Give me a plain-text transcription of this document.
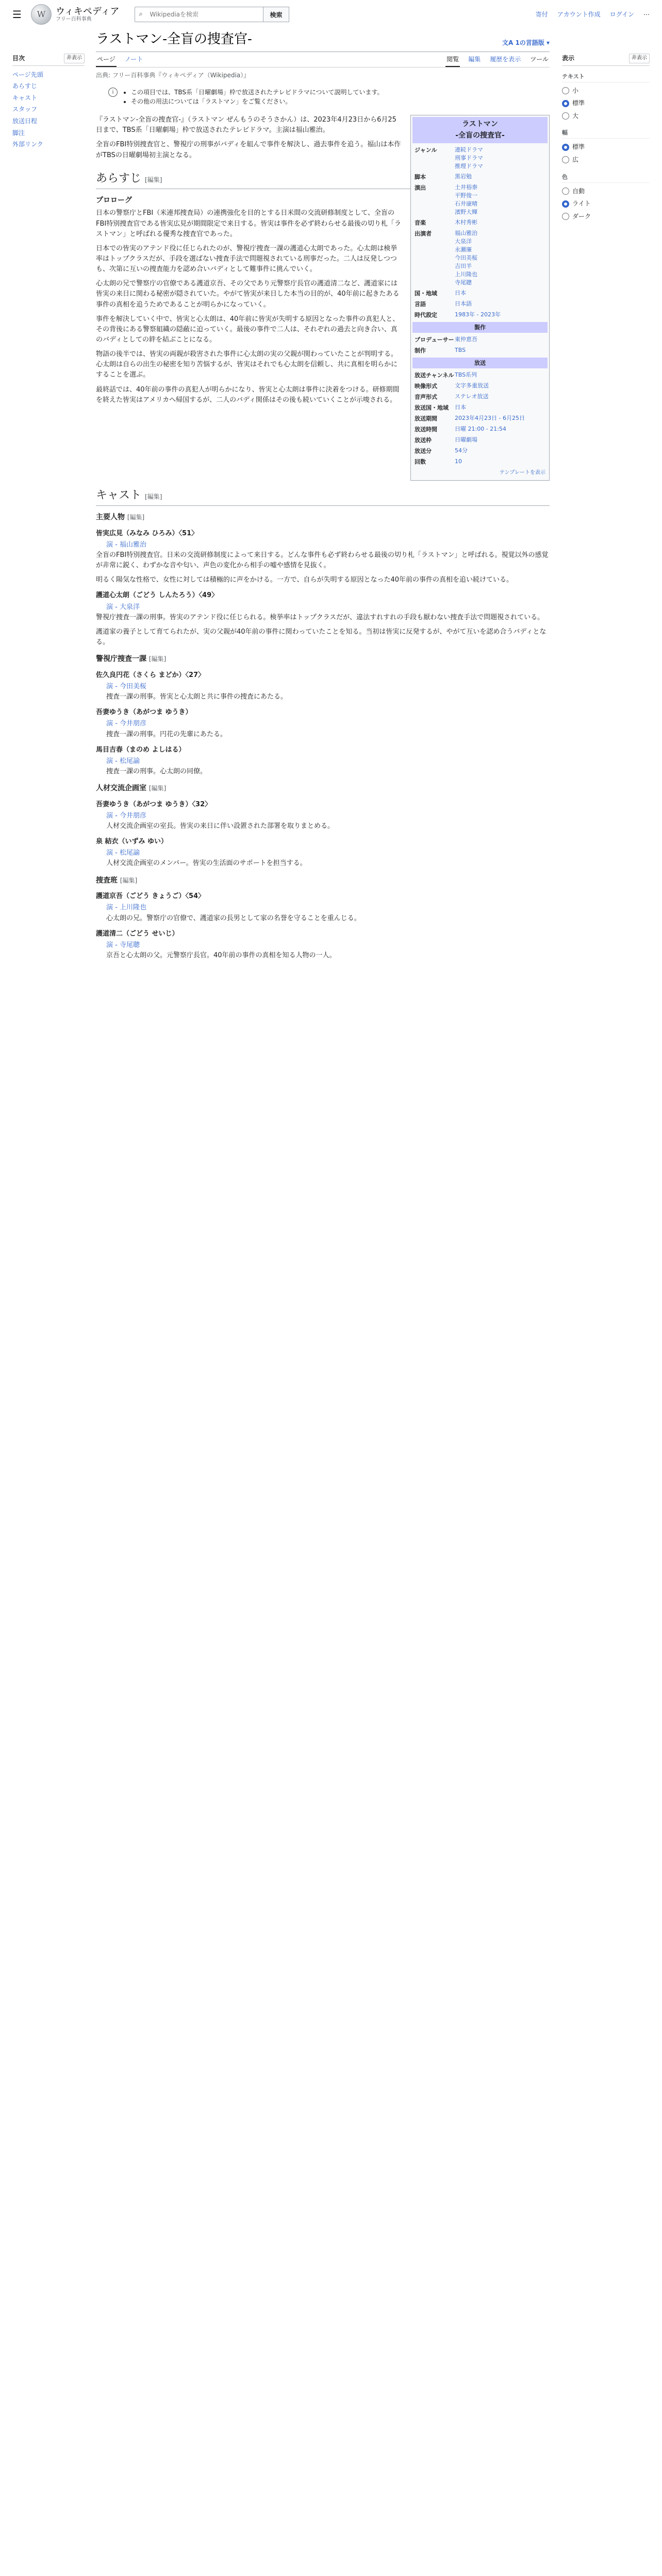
☰	W	ウィキペディア
フリー百科事典
⌕
Wikipediaを検索	検索	寄付 アカウント作成 ログイン ⋯
目次	非表示
ページ先頭
あらすじ
キャスト
スタッフ
放送日程
脚注
外部リンク
ラストマン-全盲の捜査官-	文A 1の言語版 ▾
ページ ノート	閲覧 編集 履歴を表示 ツール
出典: フリー百科事典『ウィキペディア（Wikipedia）』
i
•	この項目では、TBS系「日曜劇場」枠で放送されたテレビドラマについて説明しています。
• その他の用法については「ラストマン」をご覧ください。
ラストマン
-全盲の捜査官-
ジャンル	連続ドラマ
刑事ドラマ
推理ドラマ
脚本	黒岩勉
演出	土井裕泰
平野俊一
石井康晴
濱野大輝
音楽	木村秀彬
出演者	福山雅治
大泉洋
永瀬廉
今田美桜
吉田羊
上川隆也
寺尾聰
国・地域	日本
言語	日本語
時代設定	1983年 - 2023年
製作
プロデューサー 東仲恵吾
制作	TBS
放送
放送チャンネル TBS系列
映像形式	文字多重放送
音声形式	ステレオ放送
放送国・地域	日本
放送期間	2023年4月23日 - 6月25日
放送時間	日曜 21:00 - 21:54
放送枠	日曜劇場
放送分	54分
回数	10
テンプレートを表示

『ラストマン-全盲の捜査官-』（ラストマン ぜんもうのそうさかん）は、2023年4月23日から6月25日まで、TBS系「日曜劇場」枠で放送されたテレビドラマ。主演は福山雅治。

全盲のFBI特別捜査官と、警視庁の刑事がバディを組んで事件を解決し、過去事件を追う。福山は本作がTBSの日曜劇場初主演となる。

あらすじ [編集]
プロローグ

日本の警察庁とFBI（米連邦捜査局）の連携強化を目的とする日米間の交流研修制度として、全盲のFBI特別捜査官である皆実広見が期間限定で来日する。皆実は事件を必ず終わらせる最後の切り札「ラストマン」と呼ばれる優秀な捜査官であった。

日本での皆実のアテンド役に任じられたのが、警視庁捜査一課の護道心太朗であった。心太朗は検挙率はトップクラスだが、手段を選ばない捜査手法で問題視されている刑事だった。二人は反発しつつも、次第に互いの捜査能力を認め合いバディとして難事件に挑んでいく。

心太朗の兄で警察庁の官僚である護道京吾、その父であり元警察庁長官の護道清二など、護道家には皆実の来日に関わる秘密が隠されていた。やがて皆実が来日した本当の目的が、40年前に起きたある事件の真相を追うためであることが明らかになっていく。

事件を解決していく中で、皆実と心太朗は、40年前に皆実が失明する原因となった事件の真犯人と、その背後にある警察組織の隠蔽に迫っていく。最後の事件で二人は、それぞれの過去と向き合い、真のバディとしての絆を結ぶことになる。

物語の後半では、皆実の両親が殺害された事件に心太朗の実の父親が関わっていたことが判明する。心太朗は自らの出生の秘密を知り苦悩するが、皆実はそれでも心太朗を信頼し、共に真相を明らかにすることを選ぶ。

最終話では、40年前の事件の真犯人が明らかになり、皆実と心太朗は事件に決着をつける。研修期間を終えた皆実はアメリカへ帰国するが、二人のバディ関係はその後も続いていくことが示唆される。

キャスト [編集]
主要人物 [編集]
皆実広見（みなみ ひろみ）〈51〉
演 - 福山雅治

全盲のFBI特別捜査官。日米の交流研修制度によって来日する。どんな事件も必ず終わらせる最後の切り札「ラストマン」と呼ばれる。視覚以外の感覚が非常に鋭く、わずかな音や匂い、声色の変化から相手の嘘や感情を見抜く。

明るく陽気な性格で、女性に対しては積極的に声をかける。一方で、自らが失明する原因となった40年前の事件の真相を追い続けている。

護道心太朗（ごどう しんたろう）〈49〉
演 - 大泉洋

警視庁捜査一課の刑事。皆実のアテンド役に任じられる。検挙率はトップクラスだが、違法すれすれの手段も厭わない捜査手法で問題視されている。

護道家の養子として育てられたが、実の父親が40年前の事件に関わっていたことを知る。当初は皆実に反発するが、やがて互いを認め合うバディとなる。

警視庁捜査一課 [編集]
佐久良円花（さくら まどか）〈27〉
演 - 今田美桜

捜査一課の刑事。皆実と心太朗と共に事件の捜査にあたる。

吾妻ゆうき（あがつま ゆうき）
演 - 今井朋彦

捜査一課の刑事。円花の先輩にあたる。

馬目吉春（まのめ よしはる）
演 - 松尾諭

捜査一課の刑事。心太朗の同僚。

人材交流企画室 [編集]
吾妻ゆうき（あがつま ゆうき）〈32〉
演 - 今井朋彦

人材交流企画室の室長。皆実の来日に伴い設置された部署を取りまとめる。

泉 結衣（いずみ ゆい）
演 - 松尾諭

人材交流企画室のメンバー。皆実の生活面のサポートを担当する。

捜査班 [編集]
護道京吾（ごどう きょうご）〈54〉
演 - 上川隆也

心太朗の兄。警察庁の官僚で、護道家の長男として家の名誉を守ることを重んじる。

護道清二（ごどう せいじ）
演 - 寺尾聰

京吾と心太朗の父。元警察庁長官。40年前の事件の真相を知る人物の一人。

表示	非表示
テキスト
小
標準
大
幅
標準
広
色
自動
ライト
ダーク
